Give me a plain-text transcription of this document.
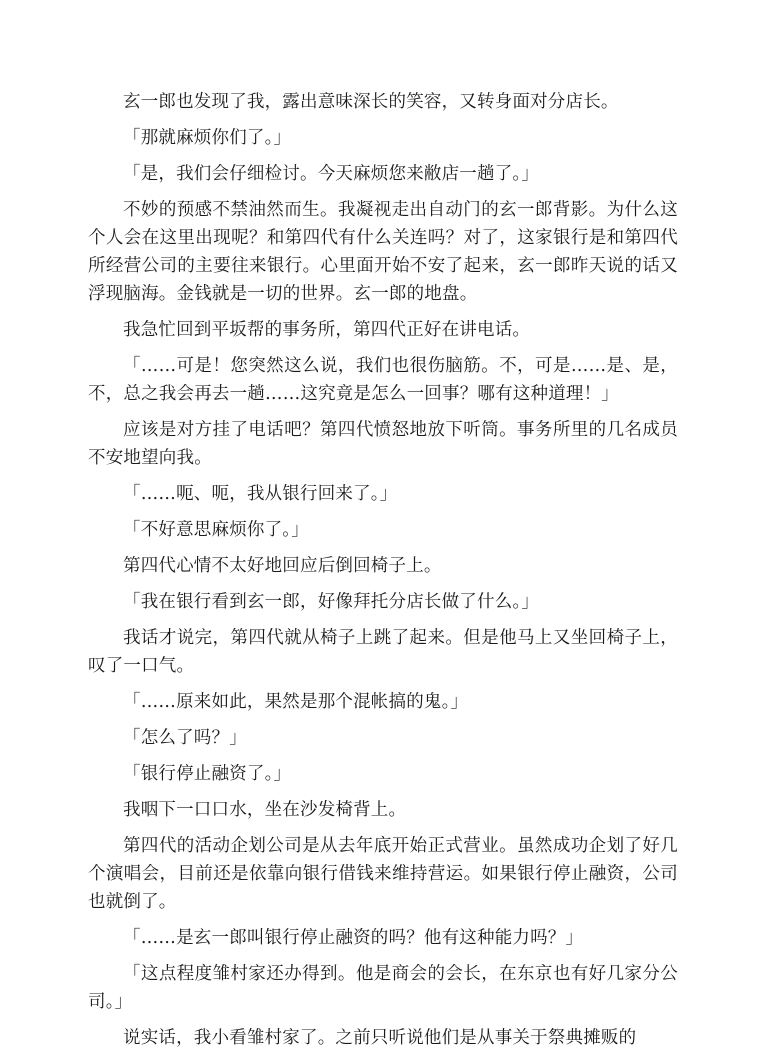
玄一郎也发现了我，露出意味深长的笑容，又转身面对分店长。

「那就麻烦你们了。」

「是，我们会仔细检讨。今天麻烦您来敝店一趟了。」

不妙的预感不禁油然而生。我凝视走出自动门的玄一郎背影。为什么这个人会在这里出现呢？和第四代有什么关连吗？对了，这家银行是和第四代所经营公司的主要往来银行。心里面开始不安了起来，玄一郎昨天说的话又浮现脑海。金钱就是一切的世界。玄一郎的地盘。

我急忙回到平坂帮的事务所，第四代正好在讲电话。

「……可是！您突然这么说，我们也很伤脑筋。不，可是……是、是，不，总之我会再去一趟……这究竟是怎么一回事？哪有这种道理！」

应该是对方挂了电话吧？第四代愤怒地放下听筒。事务所里的几名成员不安地望向我。

「……呃、呃，我从银行回来了。」

「不好意思麻烦你了。」

第四代心情不太好地回应后倒回椅子上。

「我在银行看到玄一郎，好像拜托分店长做了什么。」

我话才说完，第四代就从椅子上跳了起来。但是他马上又坐回椅子上，叹了一口气。

「……原来如此，果然是那个混帐搞的鬼。」

「怎么了吗？」

「银行停止融资了。」

我咽下一口口水，坐在沙发椅背上。

第四代的活动企划公司是从去年底开始正式营业。虽然成功企划了好几个演唱会，目前还是依靠向银行借钱来维持营运。如果银行停止融资，公司也就倒了。

「……是玄一郎叫银行停止融资的吗？他有这种能力吗？」

「这点程度雏村家还办得到。他是商会的会长，在东京也有好几家分公司。」

说实话，我小看雏村家了。之前只听说他们是从事关于祭典摊贩的
